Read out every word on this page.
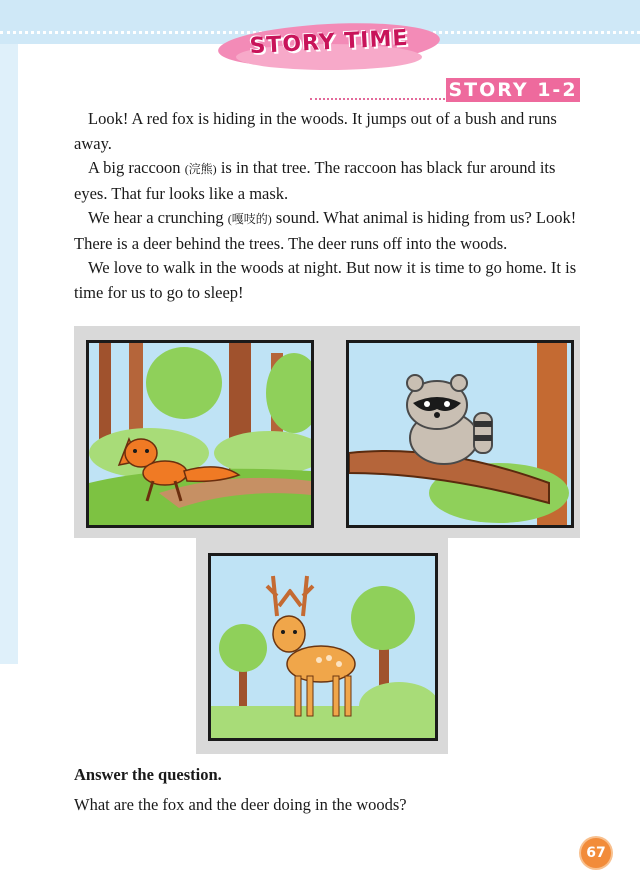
STORY TIME
STORY 1-2

Look! A red fox is hiding in the woods. It jumps out of a bush and runs away.

A big raccoon (浣熊) is in that tree. The raccoon has black fur around its eyes. That fur looks like a mask.

We hear a crunching (嘎吱的) sound. What animal is hiding from us? Look! There is a deer behind the trees. The deer runs off into the woods.

We love to walk in the woods at night. But now it is time to go home. It is time for us to go to sleep!

Answer the question.
What are the fox and the deer doing in the woods?
67
